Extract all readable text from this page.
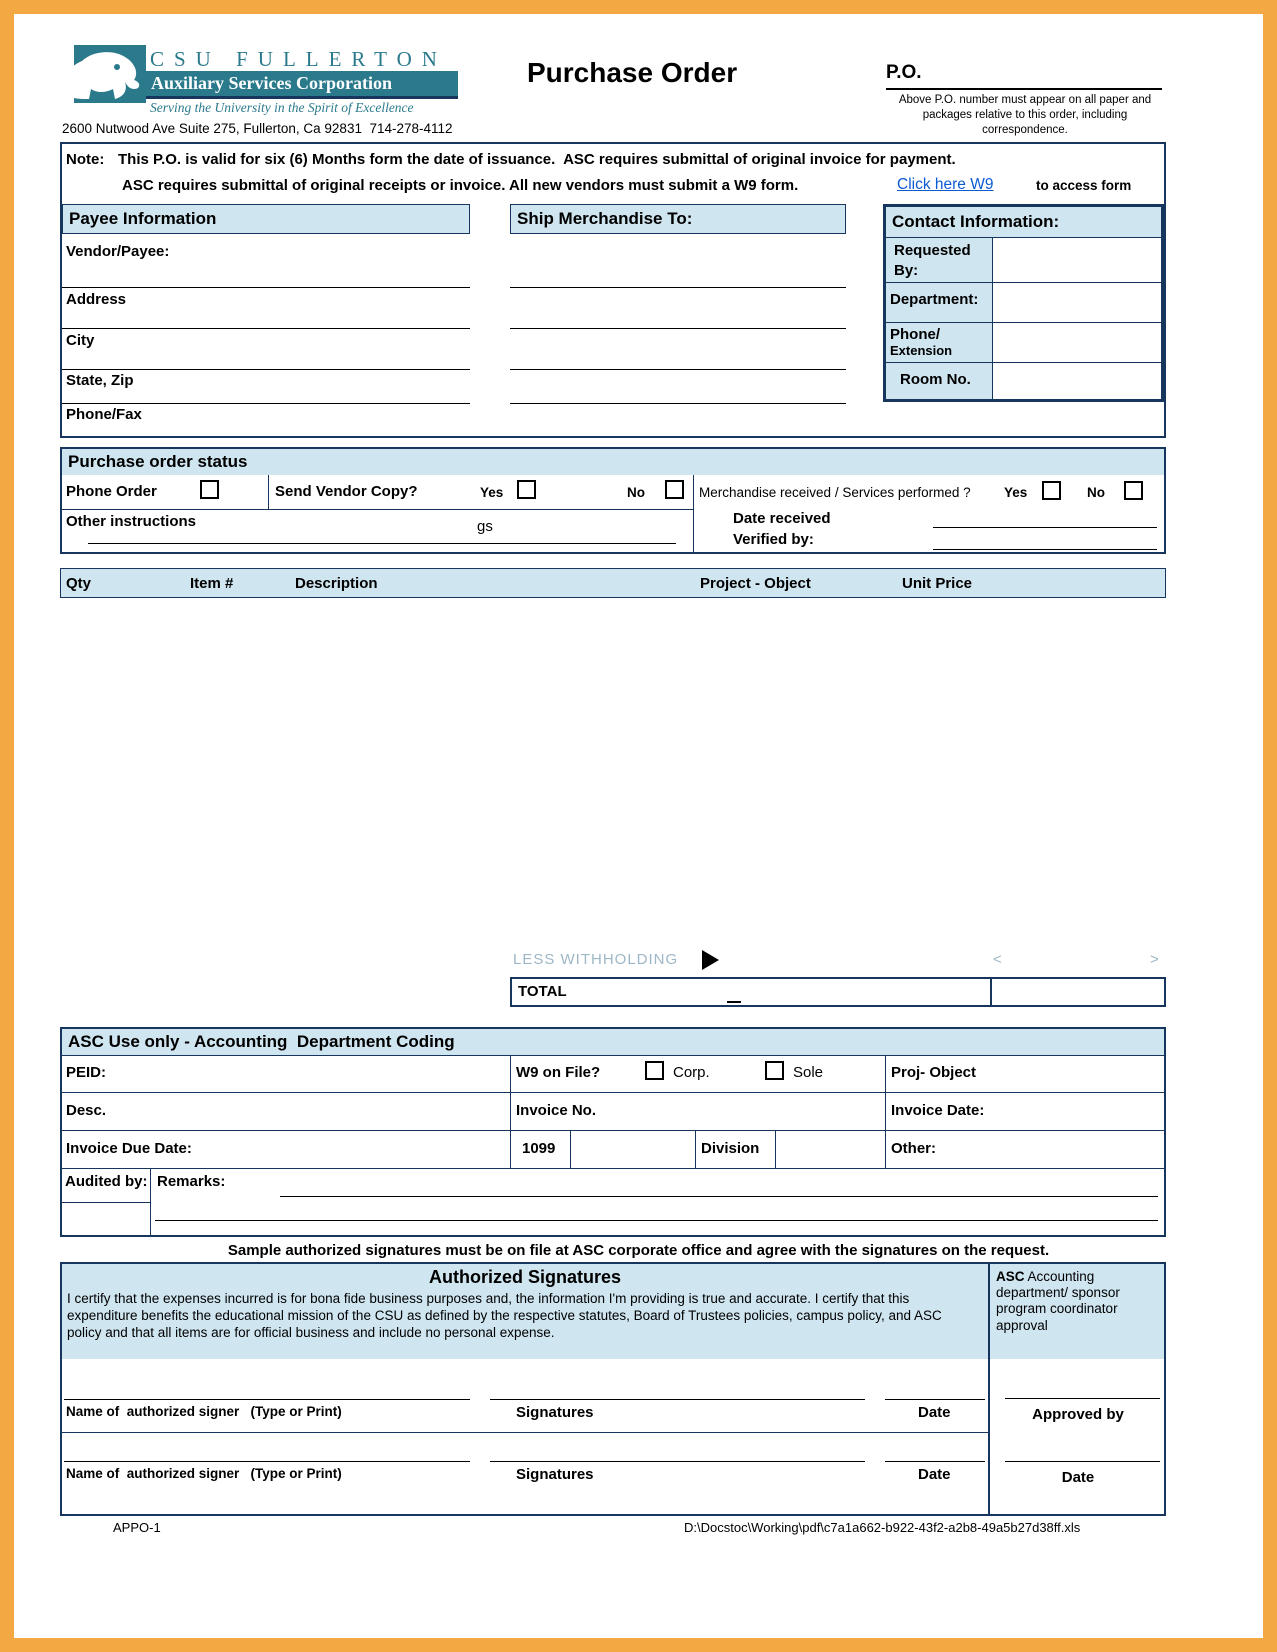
CSU FULLERTON
Auxiliary Services Corporation
Serving the University in the Spirit of Excellence
2600 Nutwood Ave Suite 275, Fullerton, Ca 92831  714-278-4112
Purchase Order	P.O.
Above P.O. number must appear on all paper and packages relative to this order, including correspondence.
Note: This P.O. is valid for six (6) Months form the date of issuance.  ASC requires submittal of original invoice for payment.
ASC requires submittal of original receipts or invoice. All new vendors must submit a W9 form.	Click here W9	to access form
Payee Information
Vendor/Payee:
Address
City
State, Zip
Phone/Fax
Ship Merchandise To:	Contact Information:
Requested By:
Department:
Phone/
Extension
Room No.
Purchase order status
Phone Order	Send Vendor Copy?	Yes	No	Merchandise received / Services performed ? Yes	No
Other instructions	gs	Date received
Verified by:
Qty	Item #	Description	Project - Object	Unit Price
LESS WITHHOLDING	<	>
TOTAL
ASC Use only - Accounting  Department Coding
PEID:	W9 on File?	Corp.	Sole	Proj- Object
Desc.	Invoice No.	Invoice Date:
Invoice Due Date:	1099	Division	Other:
Audited by: Remarks:
Sample authorized signatures must be on file at ASC corporate office and agree with the signatures on the request.
Authorized Signatures
I certify that the expenses incurred is for bona fide business purposes and, the information I'm providing is true and accurate. I certify that this expenditure benefits the educational mission of the CSU as defined by the respective statutes, Board of Trustees policies, campus policy, and ASC policy and that all items are for official business and include no personal expense.
ASC Accounting department/ sponsor program coordinator approval
Name of  authorized signer   (Type or Print)	Signatures	Date	Approved by
Name of  authorized signer   (Type or Print)	Signatures	Date	Date
APPO-1	D:\Docstoc\Working\pdf\c7a1a662-b922-43f2-a2b8-49a5b27d38ff.xls
